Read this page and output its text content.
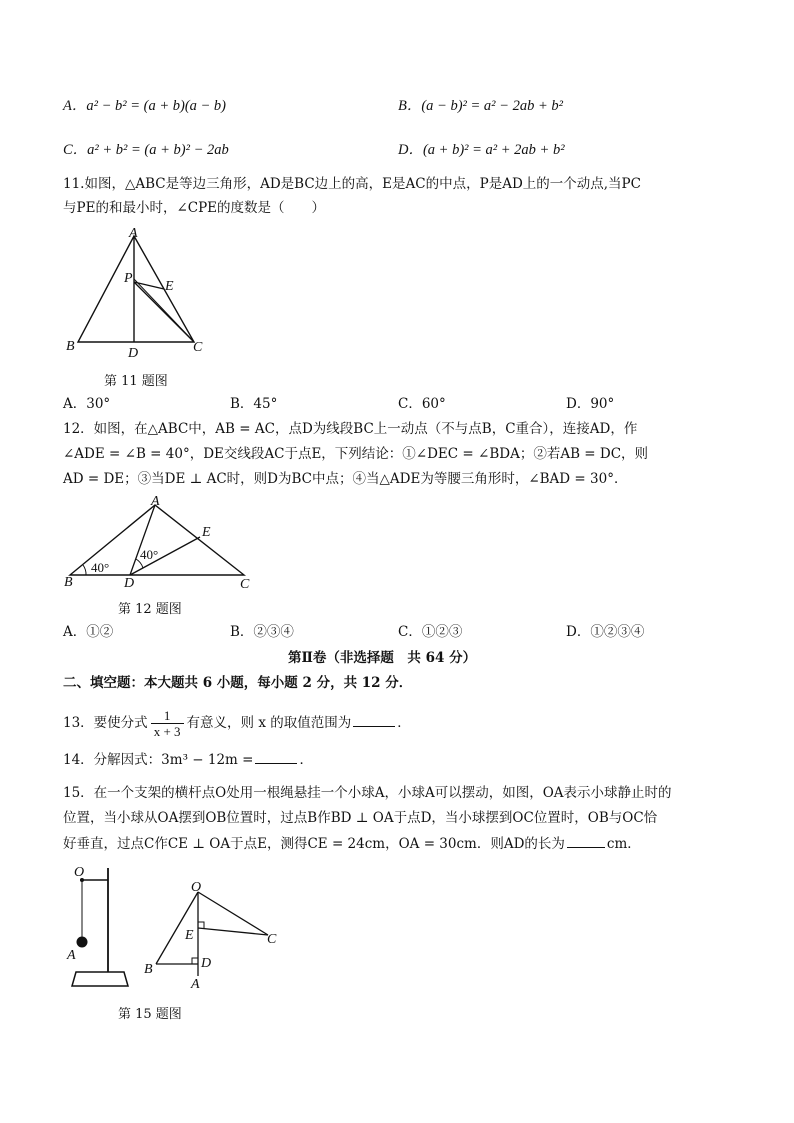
A．a² − b² = (a + b)(a − b)	B．(a − b)² = a² − 2ab + b²
C．a² + b² = (a + b)² − 2ab	D．(a + b)² = a² + 2ab + b²
11.如图，△ABC是等边三角形，AD是BC边上的高，E是AC的中点，P是AD上的一个动点,当PC
与PE的和最小时，∠CPE的度数是（　　）
A
B	C
D
P
E
第 11 题图
A．30°	B．45°	C．60°	D．90°
12．如图，在△ABC中，AB = AC，点D为线段BC上一动点（不与点B，C重合），连接AD，作
∠ADE = ∠B = 40°，DE交线段AC于点E，下列结论：①∠DEC = ∠BDA；②若AB = DC，则
AD = DE；③当DE ⊥ AC时，则D为BC中点；④当△ADE为等腰三角形时，∠BAD = 30°．
A
B	C
D
E
40°
40°
第 12 题图
A．①②	B．②③④	C．①②③	D．①②③④
第Ⅱ卷（非选择题　共 64 分）
二、填空题：本大题共 6 小题，每小题 2 分，共 12 分．
13．要使分式 $\frac{1}{x + 3}$ 有意义，则 x 的取值范围为	．
14．分解因式：3m³ − 12m =	．
15．在一个支架的横杆点O处用一根绳悬挂一个小球A，小球A可以摆动，如图，OA表示小球静止时的
位置，当小球从OA摆到OB位置时，过点B作BD ⊥ OA于点D，当小球摆到OC位置时，OB与OC恰
好垂直，过点C作CE ⊥ OA于点E，测得CE = 24cm，OA = 30cm．则AD的长为	cm．
O
A
O
B
C
D
E
A
第 15 题图
